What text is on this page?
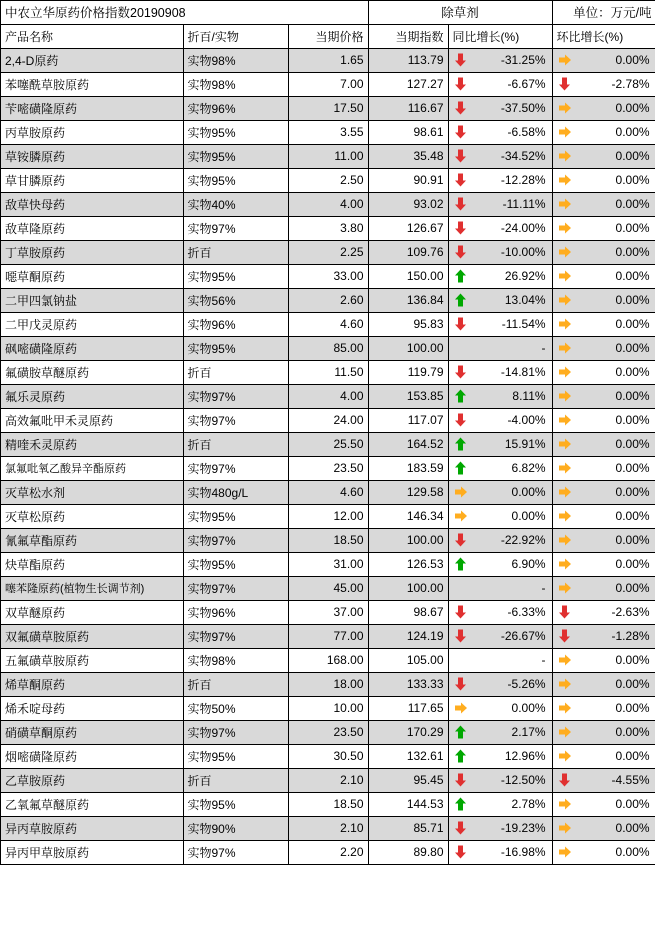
中农立华原药价格指数20190908			除草剂		单位：万元/吨
产品名称	折百/实物	当期价格	当期指数	同比增长(%)	环比增长(%)
2,4-D原药	实物98%	1.65	113.79	-31.25%	0.00%
苯噻酰草胺原药	实物98%	7.00	127.27	-6.67%	-2.78%
苄嘧磺隆原药	实物96%	17.50	116.67	-37.50%	0.00%
丙草胺原药	实物95%	3.55	98.61	-6.58%	0.00%
草铵膦原药	实物95%	11.00	35.48	-34.52%	0.00%
草甘膦原药	实物95%	2.50	90.91	-12.28%	0.00%
敌草快母药	实物40%	4.00	93.02	-11.11%	0.00%
敌草隆原药	实物97%	3.80	126.67	-24.00%	0.00%
丁草胺原药	折百	2.25	109.76	-10.00%	0.00%
噁草酮原药	实物95%	33.00	150.00	26.92%	0.00%
二甲四氯钠盐	实物56%	2.60	136.84	13.04%	0.00%
二甲戊灵原药	实物96%	4.60	95.83	-11.54%	0.00%
砜嘧磺隆原药	实物95%	85.00	100.00	-	0.00%
氟磺胺草醚原药	折百	11.50	119.79	-14.81%	0.00%
氟乐灵原药	实物97%	4.00	153.85	8.11%	0.00%
高效氟吡甲禾灵原药	实物97%	24.00	117.07	-4.00%	0.00%
精喹禾灵原药	折百	25.50	164.52	15.91%	0.00%
氯氟吡氧乙酸异辛酯原药	实物97%	23.50	183.59	6.82%	0.00%
灭草松水剂	实物480g/L	4.60	129.58	0.00%	0.00%
灭草松原药	实物95%	12.00	146.34	0.00%	0.00%
氰氟草酯原药	实物97%	18.50	100.00	-22.92%	0.00%
炔草酯原药	实物95%	31.00	126.53	6.90%	0.00%
噻苯隆原药(植物生长调节剂)	实物97%	45.00	100.00	-	0.00%
双草醚原药	实物96%	37.00	98.67	-6.33%	-2.63%
双氟磺草胺原药	实物97%	77.00	124.19	-26.67%	-1.28%
五氟磺草胺原药	实物98%	168.00	105.00	-	0.00%
烯草酮原药	折百	18.00	133.33	-5.26%	0.00%
烯禾啶母药	实物50%	10.00	117.65	0.00%	0.00%
硝磺草酮原药	实物97%	23.50	170.29	2.17%	0.00%
烟嘧磺隆原药	实物95%	30.50	132.61	12.96%	0.00%
乙草胺原药	折百	2.10	95.45	-12.50%	-4.55%
乙氧氟草醚原药	实物95%	18.50	144.53	2.78%	0.00%
异丙草胺原药	实物90%	2.10	85.71	-19.23%	0.00%
异丙甲草胺原药	实物97%	2.20	89.80	-16.98%	0.00%
